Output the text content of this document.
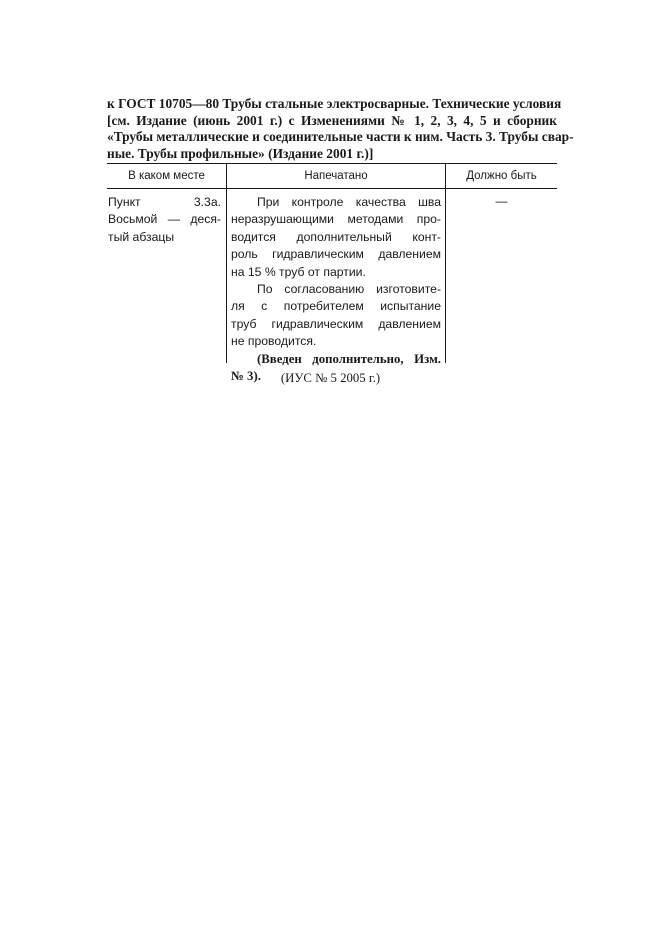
к ГОСТ 10705—80 Трубы стальные электросварные. Технические условия
[см. Издание (июнь 2001 г.) с Изменениями № 1, 2, 3, 4, 5 и сборник
«Трубы металлические и соединительные части к ним. Часть 3. Трубы свар-
ные. Трубы профильные» (Издание 2001 г.)]
В каком месте	Напечатано	Должно быть
Пункт 3.3а.
Восьмой — деся-
тый абзацы
При контроле качества шва
неразрушающими методами про-
водится дополнительный конт-
роль гидравлическим давлением
на 15 % труб от партии.
По согласованию изготовите-
ля с потребителем испытание
труб гидравлическим давлением
не проводится.
(Введен дополнительно, Изм.
№ 3).
—
(ИУС № 5 2005 г.)
